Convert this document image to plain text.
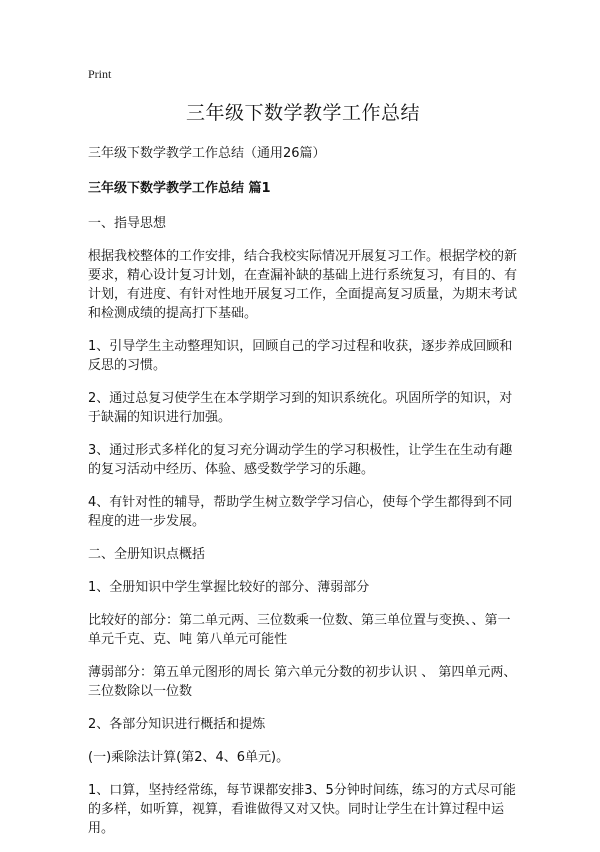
Print
三年级下数学教学工作总结

三年级下数学教学工作总结（通用26篇）

三年级下数学教学工作总结 篇1

一、指导思想

根据我校整体的工作安排，结合我校实际情况开展复习工作。根据学校的新要求，精心设计复习计划，在查漏补缺的基础上进行系统复习，有目的、有计划，有进度、有针对性地开展复习工作，全面提高复习质量，为期末考试和检测成绩的提高打下基础。

1、引导学生主动整理知识，回顾自己的学习过程和收获，逐步养成回顾和反思的习惯。

2、通过总复习使学生在本学期学习到的知识系统化。巩固所学的知识，对于缺漏的知识进行加强。

3、通过形式多样化的复习充分调动学生的学习积极性，让学生在生动有趣的复习活动中经历、体验、感受数学学习的乐趣。

4、有针对性的辅导，帮助学生树立数学学习信心，使每个学生都得到不同程度的进一步发展。

二、全册知识点概括

1、全册知识中学生掌握比较好的部分、薄弱部分

比较好的部分：第二单元两、三位数乘一位数、第三单位置与变换、、第一单元千克、克、吨 第八单元可能性

薄弱部分：第五单元图形的周长 第六单元分数的初步认识 、 第四单元两、三位数除以一位数

2、各部分知识进行概括和提炼

(一)乘除法计算(第2、4、6单元)。

1、口算，坚持经常练，每节课都安排3、5分钟时间练，练习的方式尽可能的多样，如听算，视算，看谁做得又对又快。同时让学生在计算过程中运用。
